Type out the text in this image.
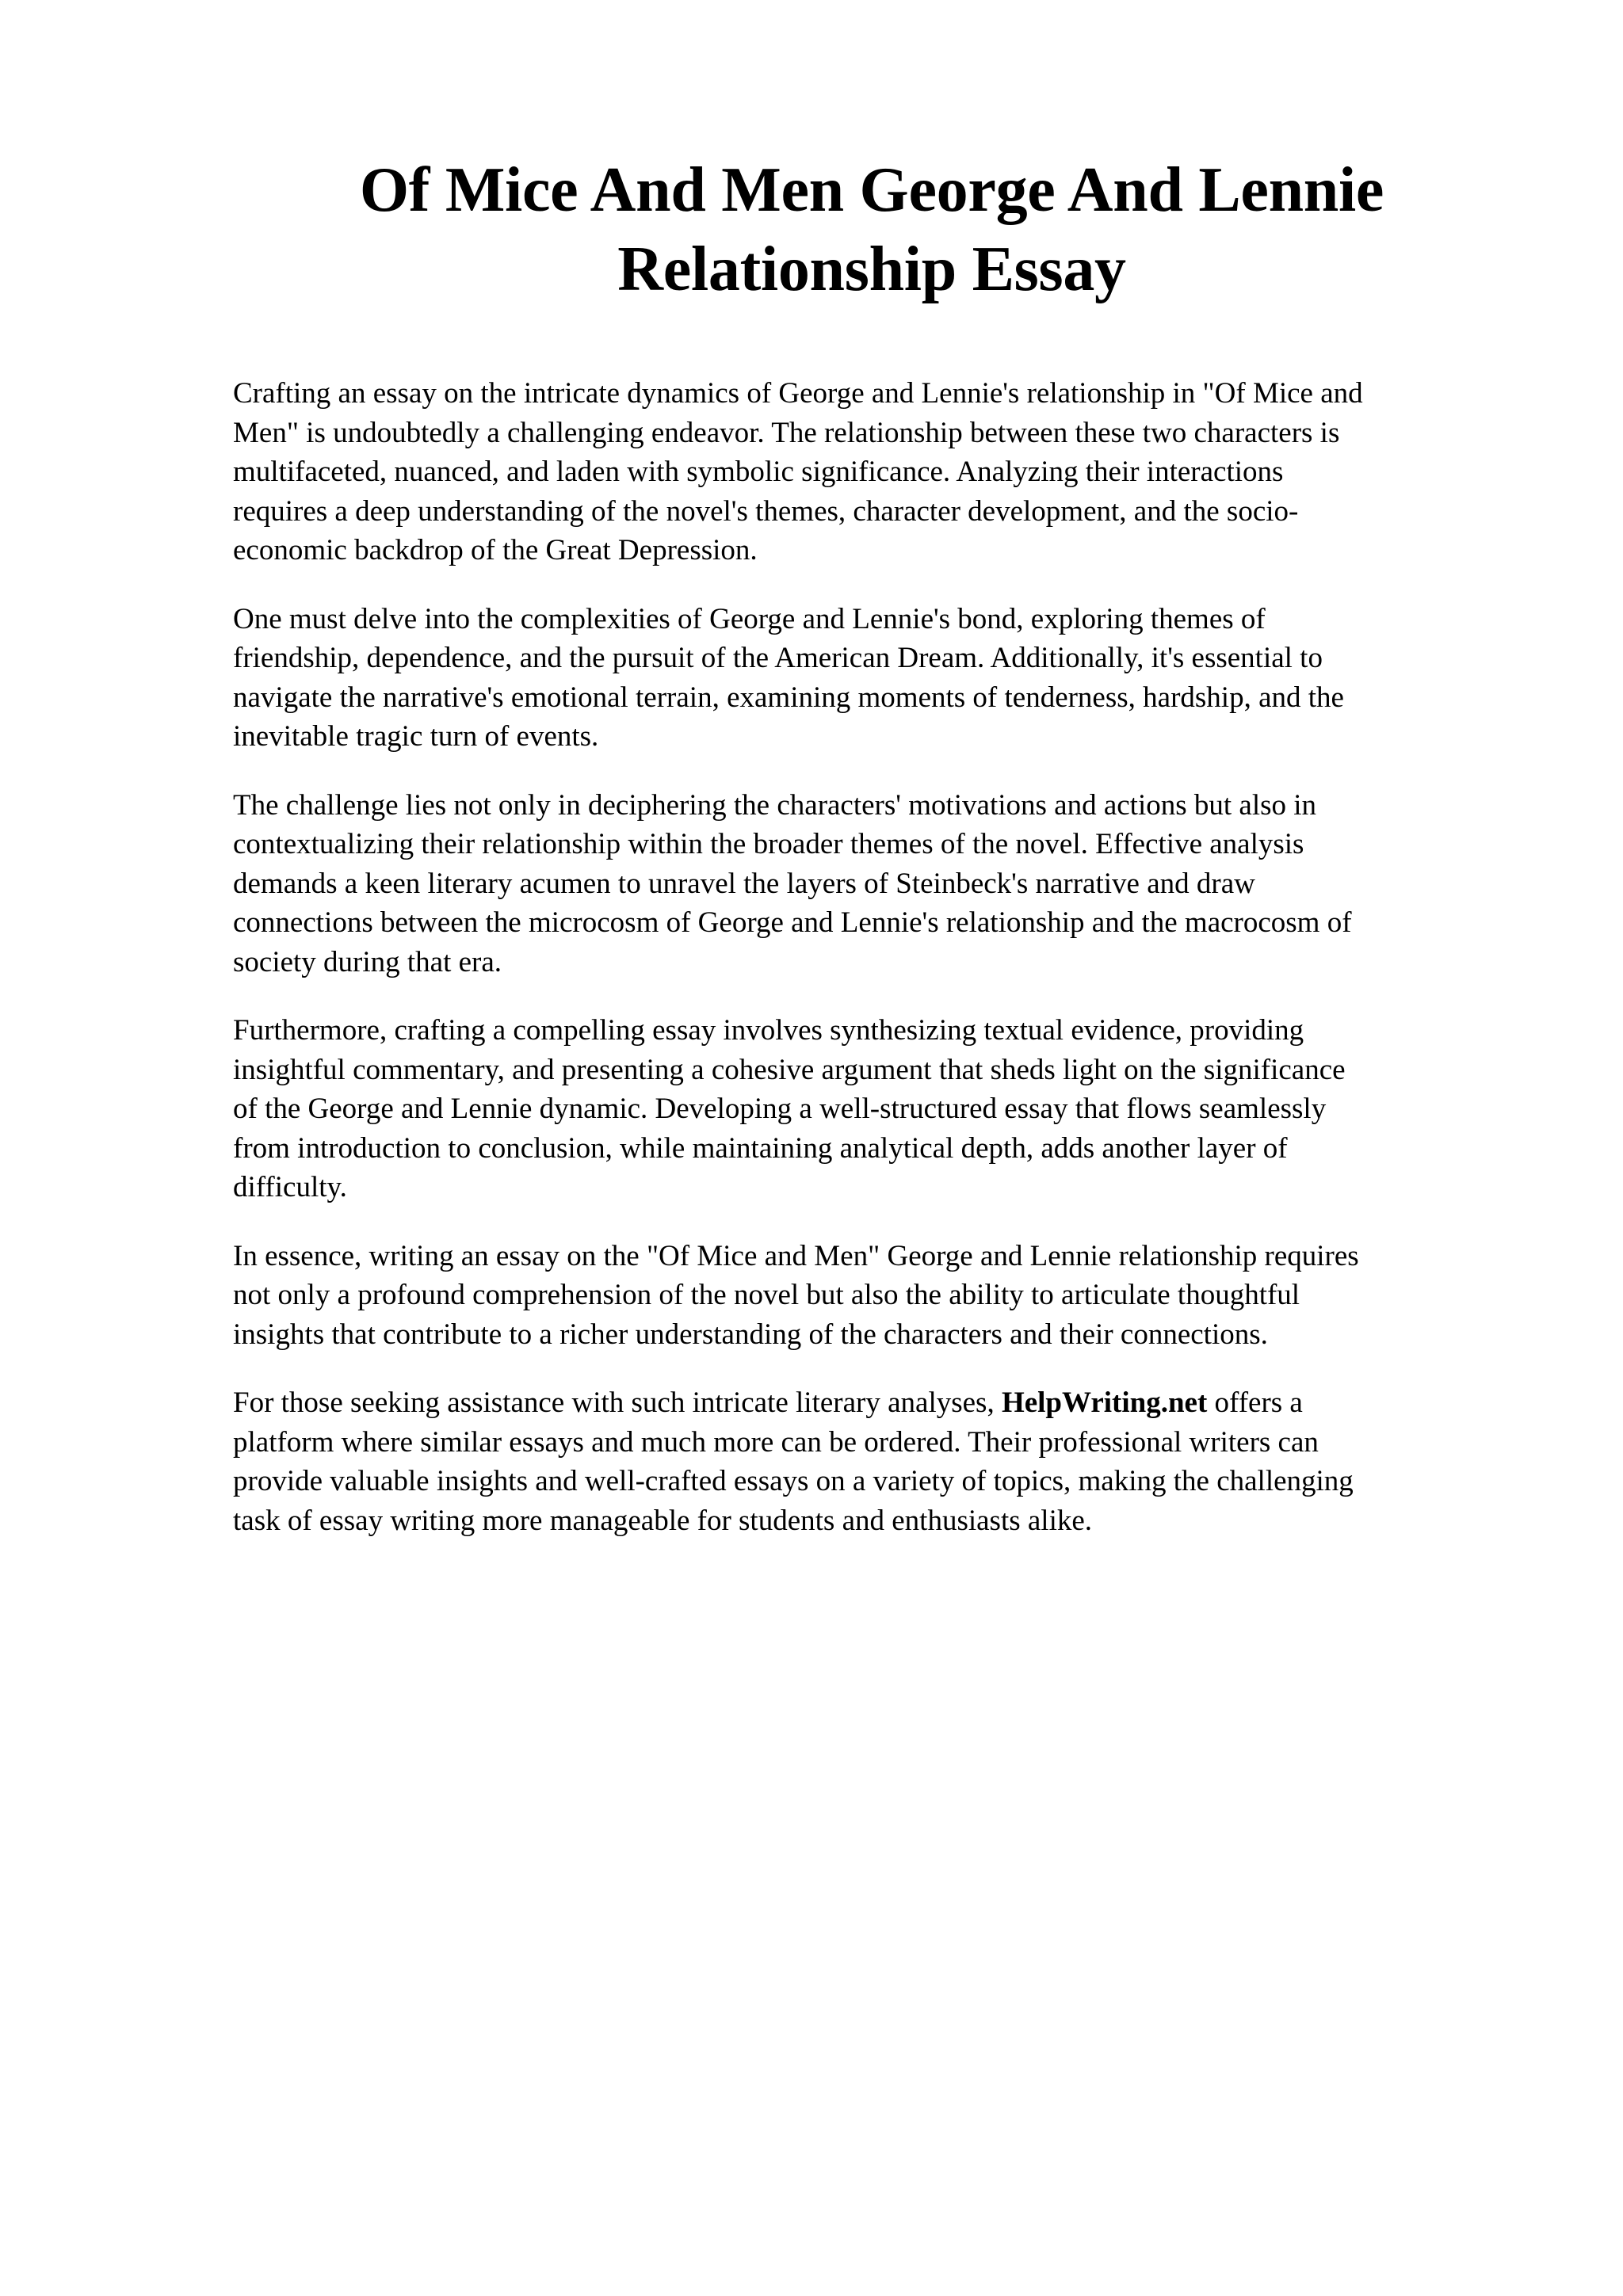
Of Mice And Men George And Lennie
Relationship Essay

Crafting an essay on the intricate dynamics of George and Lennie's relationship in "Of Mice and
Men" is undoubtedly a challenging endeavor. The relationship between these two characters is
multifaceted, nuanced, and laden with symbolic significance. Analyzing their interactions
requires a deep understanding of the novel's themes, character development, and the socio-
economic backdrop of the Great Depression.

One must delve into the complexities of George and Lennie's bond, exploring themes of
friendship, dependence, and the pursuit of the American Dream. Additionally, it's essential to
navigate the narrative's emotional terrain, examining moments of tenderness, hardship, and the
inevitable tragic turn of events.

The challenge lies not only in deciphering the characters' motivations and actions but also in
contextualizing their relationship within the broader themes of the novel. Effective analysis
demands a keen literary acumen to unravel the layers of Steinbeck's narrative and draw
connections between the microcosm of George and Lennie's relationship and the macrocosm of
society during that era.

Furthermore, crafting a compelling essay involves synthesizing textual evidence, providing
insightful commentary, and presenting a cohesive argument that sheds light on the significance
of the George and Lennie dynamic. Developing a well-structured essay that flows seamlessly
from introduction to conclusion, while maintaining analytical depth, adds another layer of
difficulty.

In essence, writing an essay on the "Of Mice and Men" George and Lennie relationship requires
not only a profound comprehension of the novel but also the ability to articulate thoughtful
insights that contribute to a richer understanding of the characters and their connections.

For those seeking assistance with such intricate literary analyses, HelpWriting.net offers a
platform where similar essays and much more can be ordered. Their professional writers can
provide valuable insights and well-crafted essays on a variety of topics, making the challenging
task of essay writing more manageable for students and enthusiasts alike.
